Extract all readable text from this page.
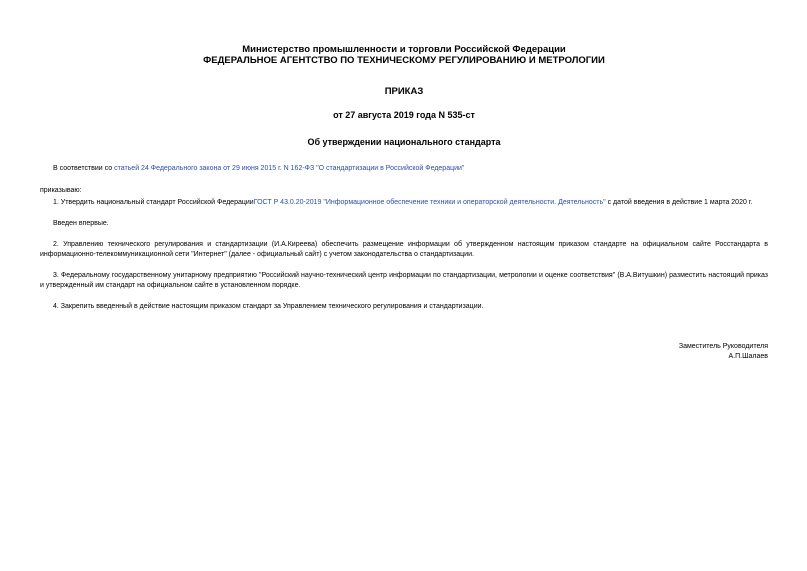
Министерство промышленности и торговли Российской Федерации
ФЕДЕРАЛЬНОЕ АГЕНТСТВО ПО ТЕХНИЧЕСКОМУ РЕГУЛИРОВАНИЮ И МЕТРОЛОГИИ
ПРИКАЗ
от 27 августа 2019 года N 535-ст
Об утверждении национального стандарта
В соответствии со статьей 24 Федерального закона от 29 июня 2015 г. N 162-ФЗ "О стандартизации в Российской Федерации"
приказываю:
1. Утвердить национальный стандарт Российской ФедерацииГОСТ Р 43.0.20-2019 "Информационное обеспечение техники и операторской деятельности. Деятельность" с датой введения в действие 1 марта 2020 г.
Введен впервые.
2. Управлению технического регулирования и стандартизации (И.А.Киреева) обеспечить размещение информации об утвержденном настоящим приказом стандарте на официальном сайте Росстандарта в информационно-телекоммуникационной сети "Интернет" (далее - официальный сайт) с учетом законодательства о стандартизации.
3. Федеральному государственному унитарному предприятию "Российский научно-технический центр информации по стандартизации, метрологии и оценке соответствия" (В.А.Витушкин) разместить настоящий приказ и утвержденный им стандарт на официальном сайте в установленном порядке.
4. Закрепить введенный в действие настоящим приказом стандарт за Управлением технического регулирования и стандартизации.
Заместитель Руководителя
А.П.Шалаев
